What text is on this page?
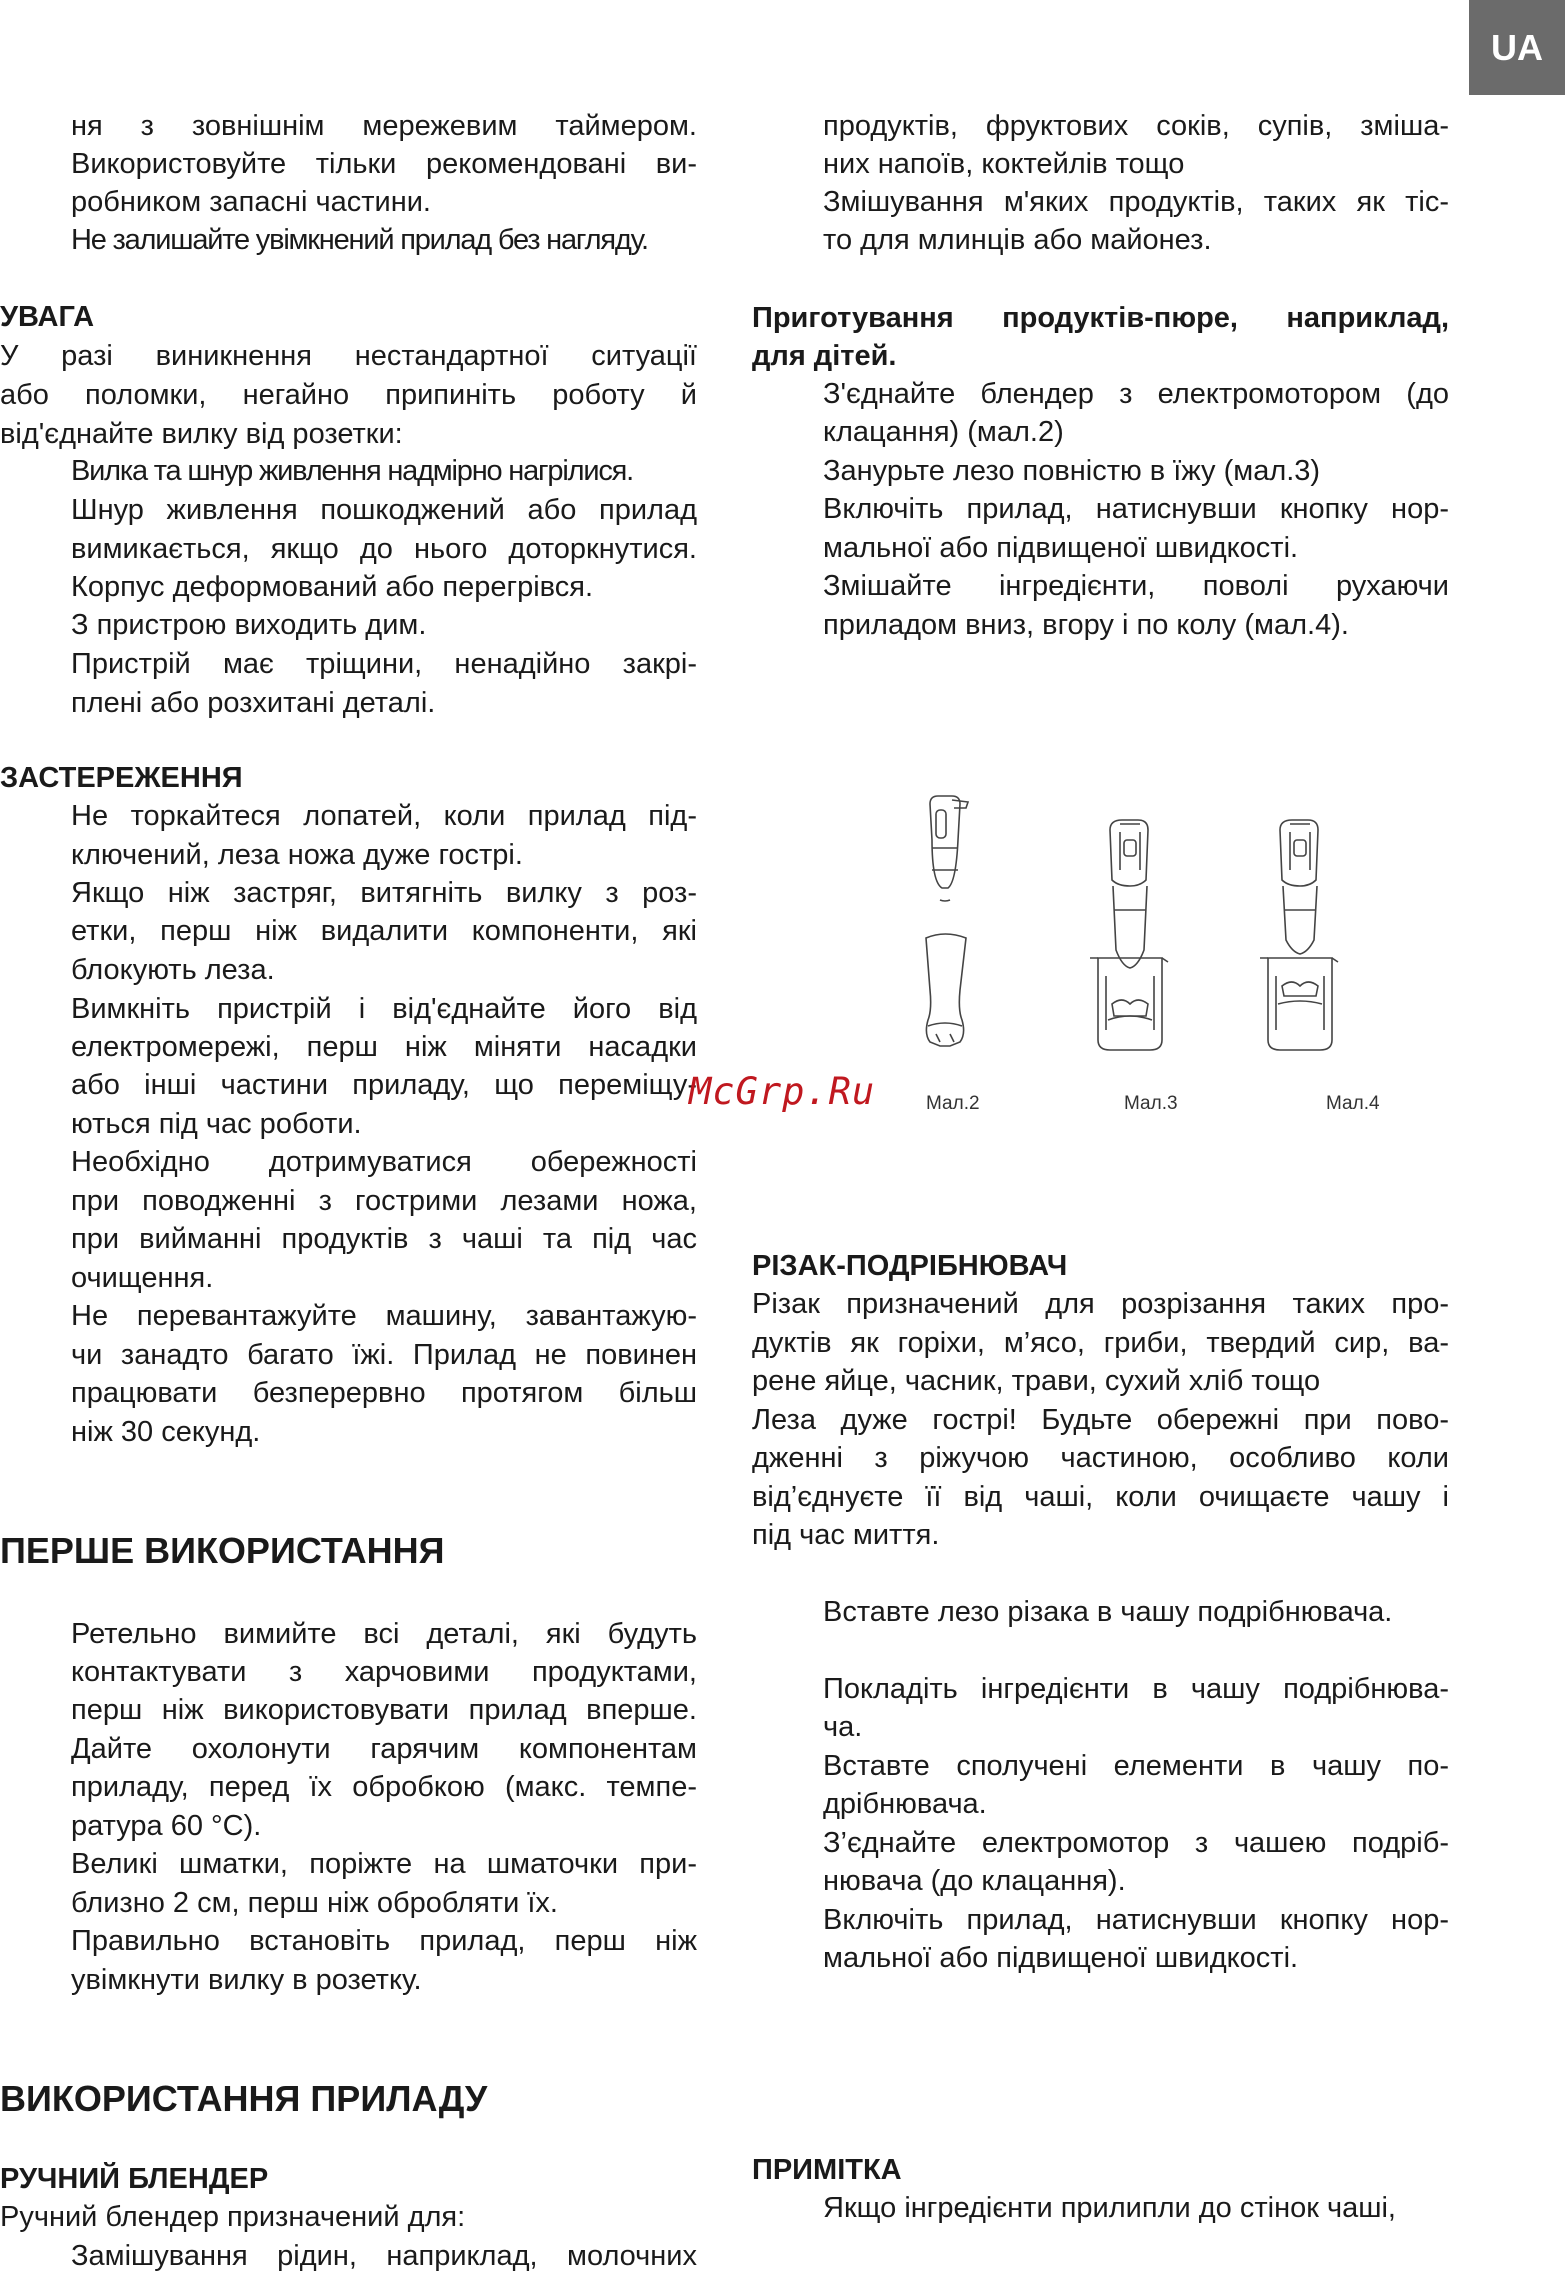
UA
ня з зовнішнім мережевим таймером.
Використовуйте тільки рекомендовані ви-
робником запасні частини.
Не залишайте увімкнений прилад без нагляду.
УВАГА
У разі виникнення нестандартної ситуації
або поломки, негайно припиніть роботу й
від'єднайте вилку від розетки:
Вилка та шнур живлення надмірно нагрілися.
Шнур живлення пошкоджений або прилад
вимикається, якщо до нього доторкнутися.
Корпус деформований або перегрівся.
З пристрою виходить дим.
Пристрій має тріщини, ненадійно закрі-
плені або розхитані деталі.
ЗАСТЕРЕЖЕННЯ
Не торкайтеся лопатей, коли прилад під-
ключений, леза ножа дуже гострі.
Якщо ніж застряг, витягніть вилку з роз-
етки, перш ніж видалити компоненти, які
блокують леза.
Вимкніть пристрій і від'єднайте його від
електромережі, перш ніж міняти насадки
або інші частини приладу, що переміщу-
ються під час роботи.
Необхідно дотримуватися обережності
при поводженні з гострими лезами ножа,
при вийманні продуктів з чаші та під час
очищення.
Не перевантажуйте машину, завантажую-
чи занадто багато їжі. Прилад не повинен
працювати безперервно протягом більш
ніж 30 секунд.
ПЕРШЕ ВИКОРИСТАННЯ
Ретельно вимийте всі деталі, які будуть
контактувати з харчовими продуктами,
перш ніж використовувати прилад вперше.
Дайте охолонути гарячим компонентам
приладу, перед їх обробкою (макс. темпе-
ратура 60 °С).
Великі шматки, поріжте на шматочки при-
близно 2 см, перш ніж обробляти їх.
Правильно встановіть прилад, перш ніж
увімкнути вилку в розетку.
ВИКОРИСТАННЯ ПРИЛАДУ
РУЧНИЙ БЛЕНДЕР
Ручний блендер призначений для:
Замішування рідин, наприклад, молочних
продуктів, фруктових соків, супів, зміша-
них напоїв, коктейлів тощо
Змішування м'яких продуктів, таких як тіс-
то для млинців або майонез.
Приготування продуктів-пюре, наприклад,
для дітей.
З'єднайте блендер з електромотором (до
клацання) (мал.2)
Занурьте лезо повністю в їжу (мал.3)
Включіть прилад, натиснувши кнопку нор-
мальної або підвищеної швидкості.
Змішайте інгредієнти, поволі рухаючи
приладом вниз, вгору і по колу (мал.4).
РІЗАК-ПОДРІБНЮВАЧ
Різак призначений для розрізання таких про-
дуктів як горіхи, м’ясо, гриби, твердий сир, ва-
рене яйце, часник, трави, сухий хліб тощо
Леза дуже гострі! Будьте обережні при пово-
дженні з ріжучою частиною, особливо коли
від’єднуєте її від чаші, коли очищаєте чашу і
під час миття.
Вставте лезо різака в чашу подрібнювача.
Покладіть інгредієнти в чашу подрібнюва-
ча.
Вставте сполучені елементи в чашу по-
дрібнювача.
З’єднайте електромотор з чашею подріб-
нювача (до клацання).
Включіть прилад, натиснувши кнопку нор-
мальної або підвищеної швидкості.
ПРИМІТКА
Якщо інгредієнти прилипли до стінок чаші,
Мал.2	Мал.3	Мал.4
McGrp.Ru
